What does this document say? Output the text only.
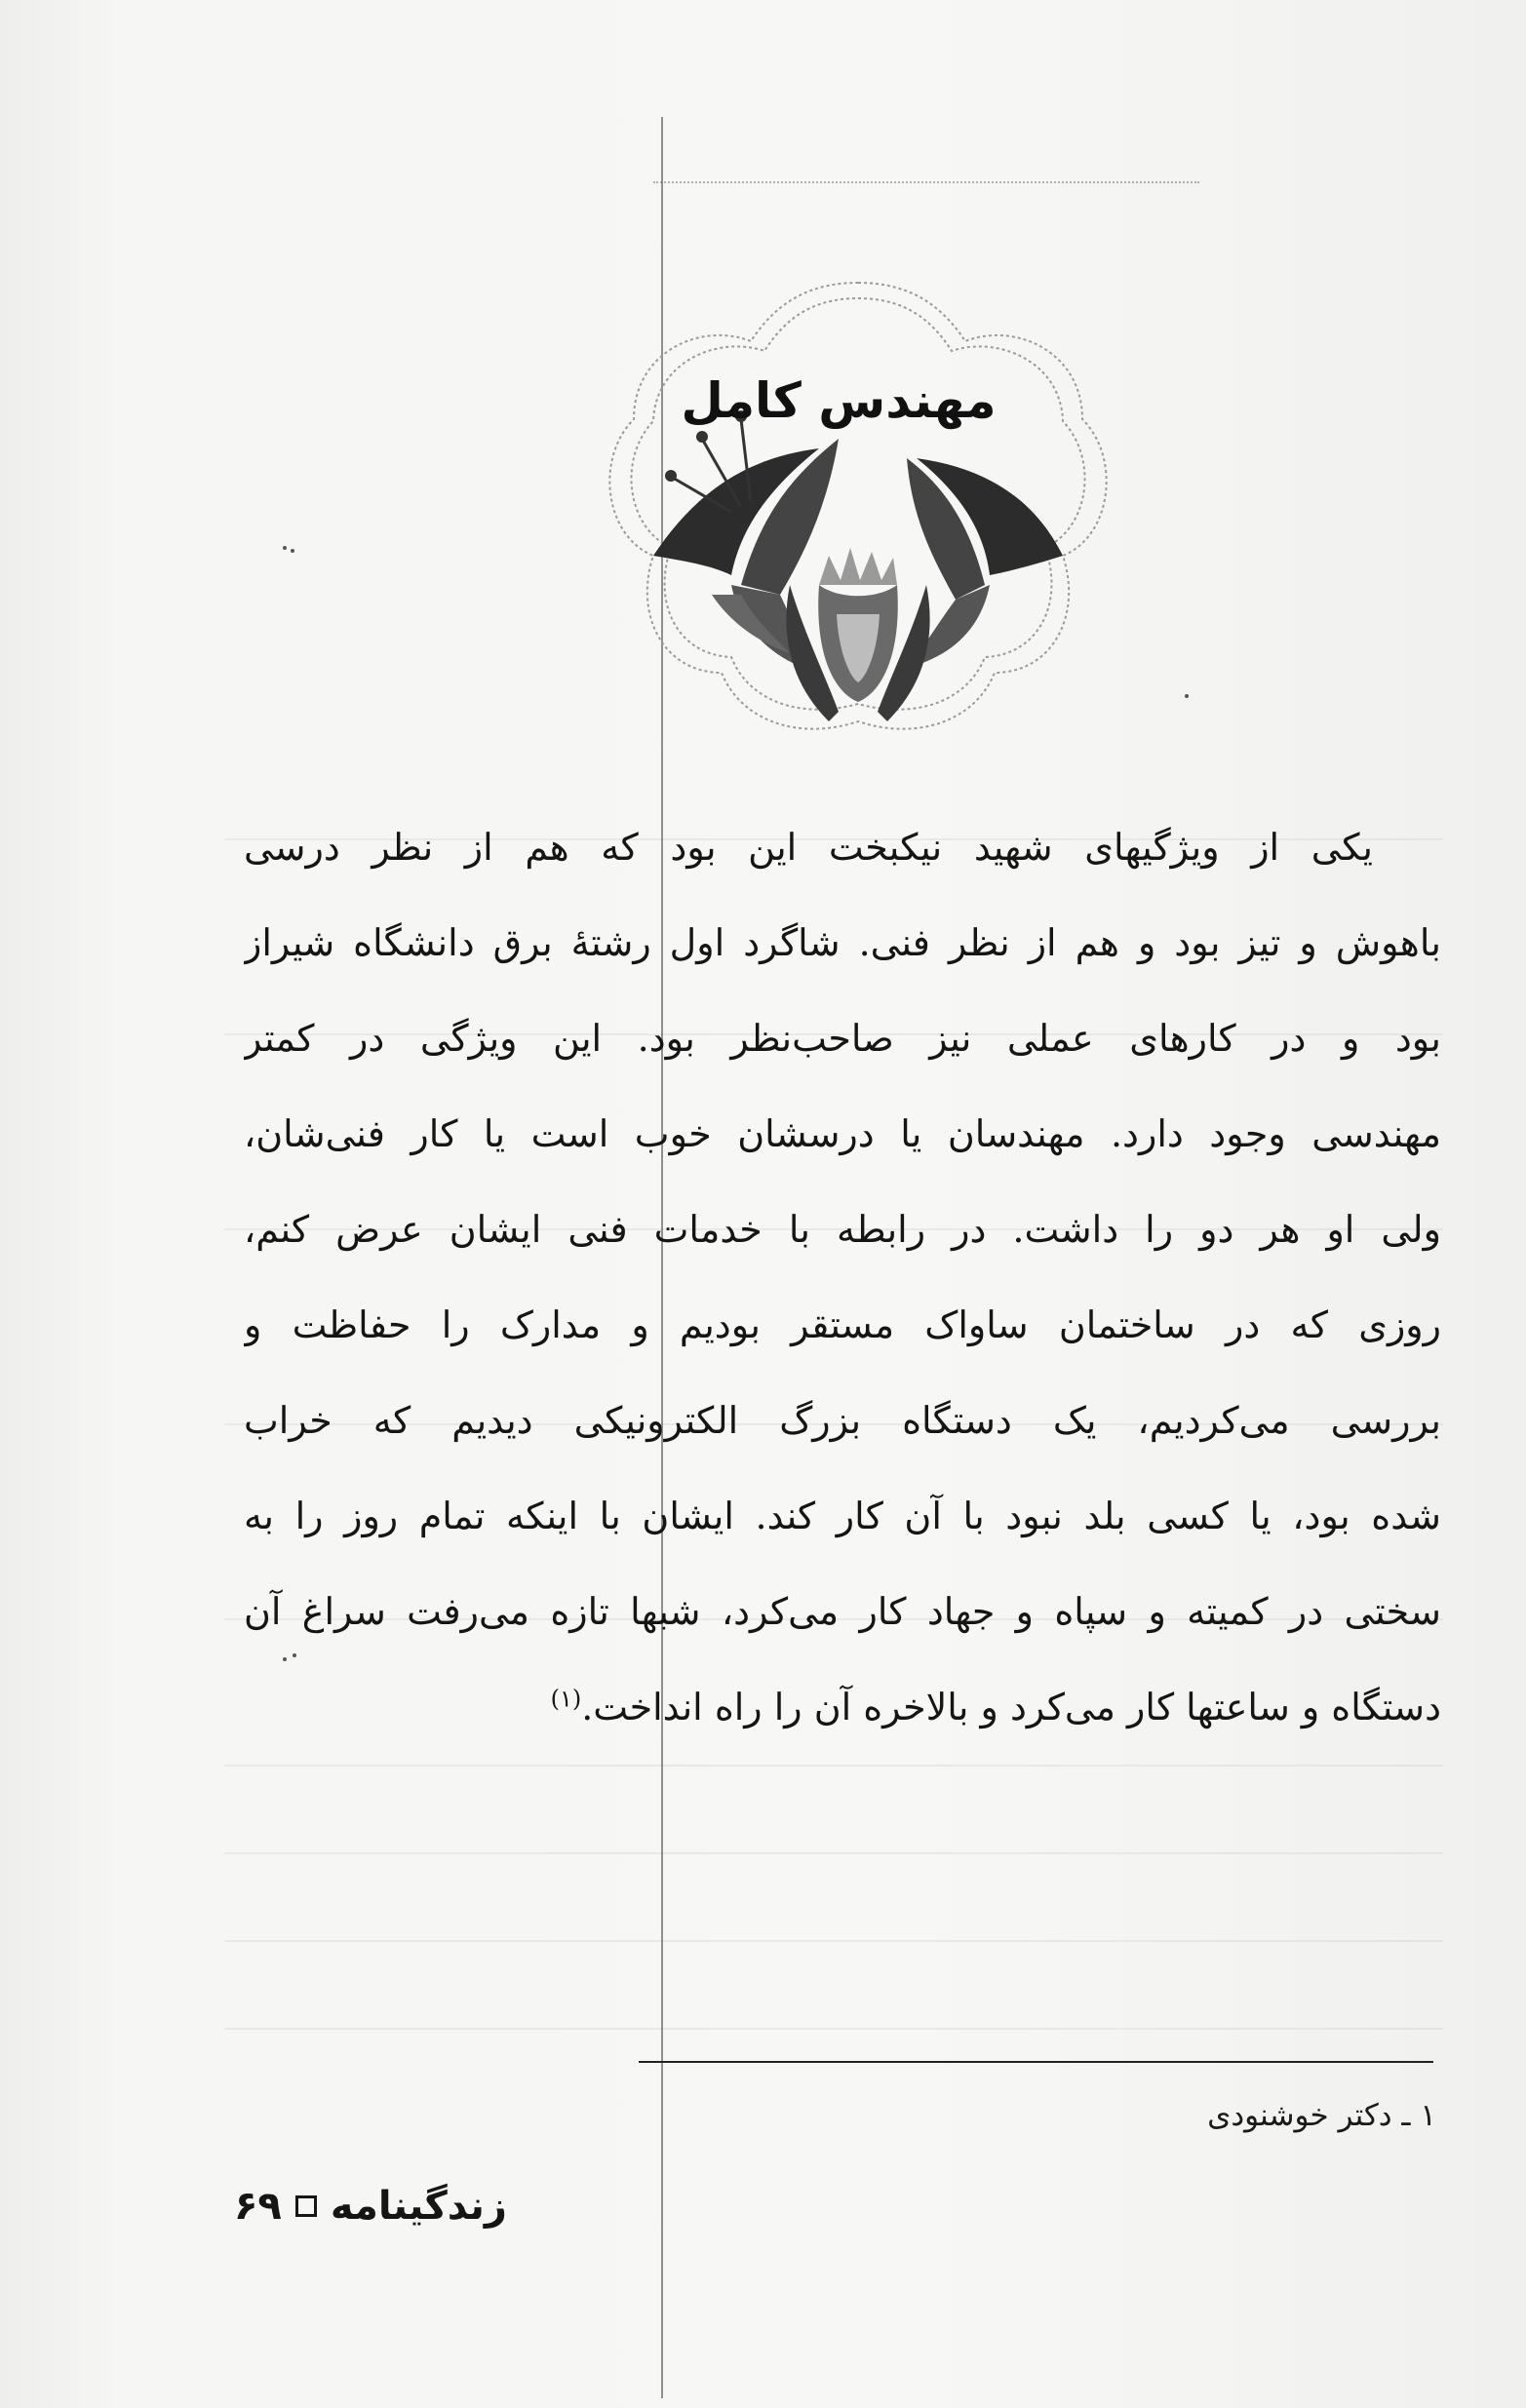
مهندس کامل
یکی از ویژگیهای شهید نیکبخت این بود که هم از نظر درسی
باهوش و تیز بود و هم از نظر فنی. شاگرد اول رشتۀ برق دانشگاه شیراز
بود و در کارهای عملی نیز صاحب‌نظر بود. این ویژگی در کمتر
مهندسی وجود دارد. مهندسان یا درسشان خوب است یا کار فنی‌شان،
ولی او هر دو را داشت. در رابطه با خدمات فنی ایشان عرض کنم،
روزی که در ساختمان ساواک مستقر بودیم و مدارک را حفاظت و
بررسی می‌کردیم، یک دستگاه بزرگ الکترونیکی دیدیم که خراب
شده بود، یا کسی بلد نبود با آن کار کند. ایشان با اینکه تمام روز را به
سختی در کمیته و سپاه و جهاد کار می‌کرد، شبها تازه می‌رفت سراغ آن
دستگاه و ساعتها کار می‌کرد و بالاخره آن را راه انداخت.$^{(۱)}$
۱ ـ دکتر خوشنودی
زندگینامه
۶۹
